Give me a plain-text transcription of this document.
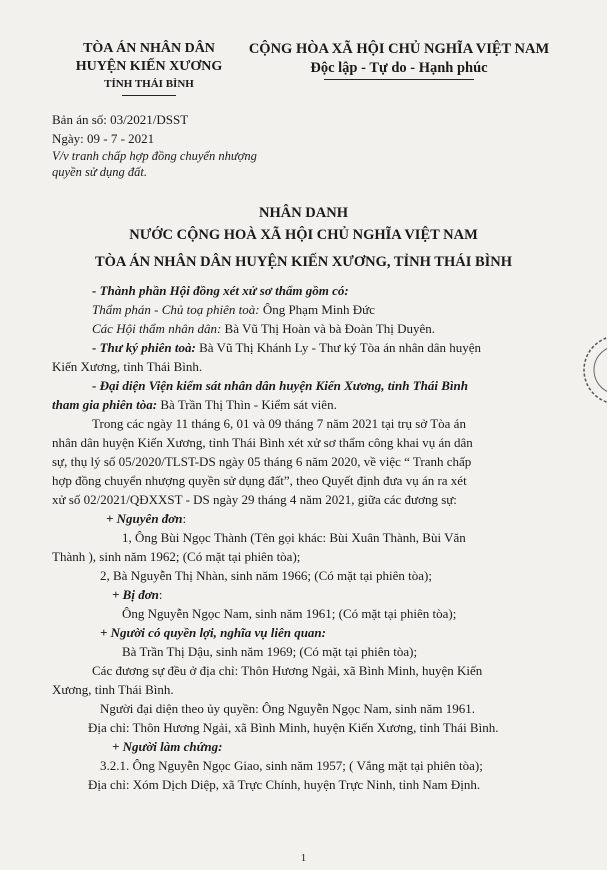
TÒA ÁN NHÂN DÂN
HUYỆN KIẾN XƯƠNG
TỈNH THÁI BÌNH
CỘNG HÒA XÃ HỘI CHỦ NGHĨA VIỆT NAM
Độc lập - Tự do - Hạnh phúc
Bản án số: 03/2021/DSST
Ngày: 09 - 7 - 2021
V/v tranh chấp hợp đồng chuyển nhượng
quyền sử dụng đất.
NHÂN DANH
NƯỚC CỘNG HOÀ XÃ HỘI CHỦ NGHĨA VIỆT NAM
TÒA ÁN NHÂN DÂN HUYỆN KIẾN XƯƠNG, TỈNH THÁI BÌNH

- Thành phần Hội đồng xét xử sơ thẩm gồm có:

Thẩm phán - Chủ toạ phiên toà: Ông Phạm Minh Đức

Các Hội thẩm nhân dân: Bà Vũ Thị Hoàn và bà Đoàn Thị Duyên.

- Thư ký phiên toà: Bà Vũ Thị Khánh Ly - Thư ký Tòa án nhân dân huyện

Kiến Xương, tỉnh Thái Bình.

- Đại diện Viện kiểm sát nhân dân huyện Kiến Xương, tỉnh Thái Bình

tham gia phiên tòa: Bà Trần Thị Thìn - Kiểm sát viên.

Trong các ngày 11 tháng 6, 01 và 09 tháng 7 năm 2021 tại trụ sở Tòa án

nhân dân huyện Kiến Xương, tỉnh Thái Bình xét xử sơ thẩm công khai vụ án dân

sự, thụ lý số 05/2020/TLST-DS ngày 05 tháng 6 năm 2020, về việc “ Tranh chấp

hợp đồng chuyển nhượng quyền sử dụng đất”, theo Quyết định đưa vụ án ra xét

xử số 02/2021/QĐXXST - DS ngày 29 tháng 4 năm 2021, giữa các đương sự:

+ Nguyên đơn:

1, Ông Bùi Ngọc Thành (Tên gọi khác: Bùi Xuân Thành, Bùi Văn

Thành ), sinh năm 1962; (Có mặt tại phiên tòa);

2, Bà Nguyễn Thị Nhàn, sinh năm 1966; (Có mặt tại phiên tòa);

+ Bị đơn:

Ông Nguyễn Ngọc Nam, sinh năm 1961; (Có mặt tại phiên tòa);

+ Người có quyền lợi, nghĩa vụ liên quan:

Bà Trần Thị Dậu, sinh năm 1969; (Có mặt tại phiên tòa);

Các đương sự đều ở địa chỉ: Thôn Hương Ngải, xã Bình Minh, huyện Kiến

Xương, tỉnh Thái Bình.

Người đại diện theo ủy quyền: Ông Nguyễn Ngọc Nam, sinh năm 1961.

Địa chỉ: Thôn Hương Ngải, xã Bình Minh, huyện Kiến Xương, tỉnh Thái Bình.

+ Người làm chứng:

3.2.1. Ông Nguyễn Ngọc Giao, sinh năm 1957; ( Vắng mặt tại phiên tòa);

Địa chỉ: Xóm Dịch Diệp, xã Trực Chính, huyện Trực Ninh, tỉnh Nam Định.

1
